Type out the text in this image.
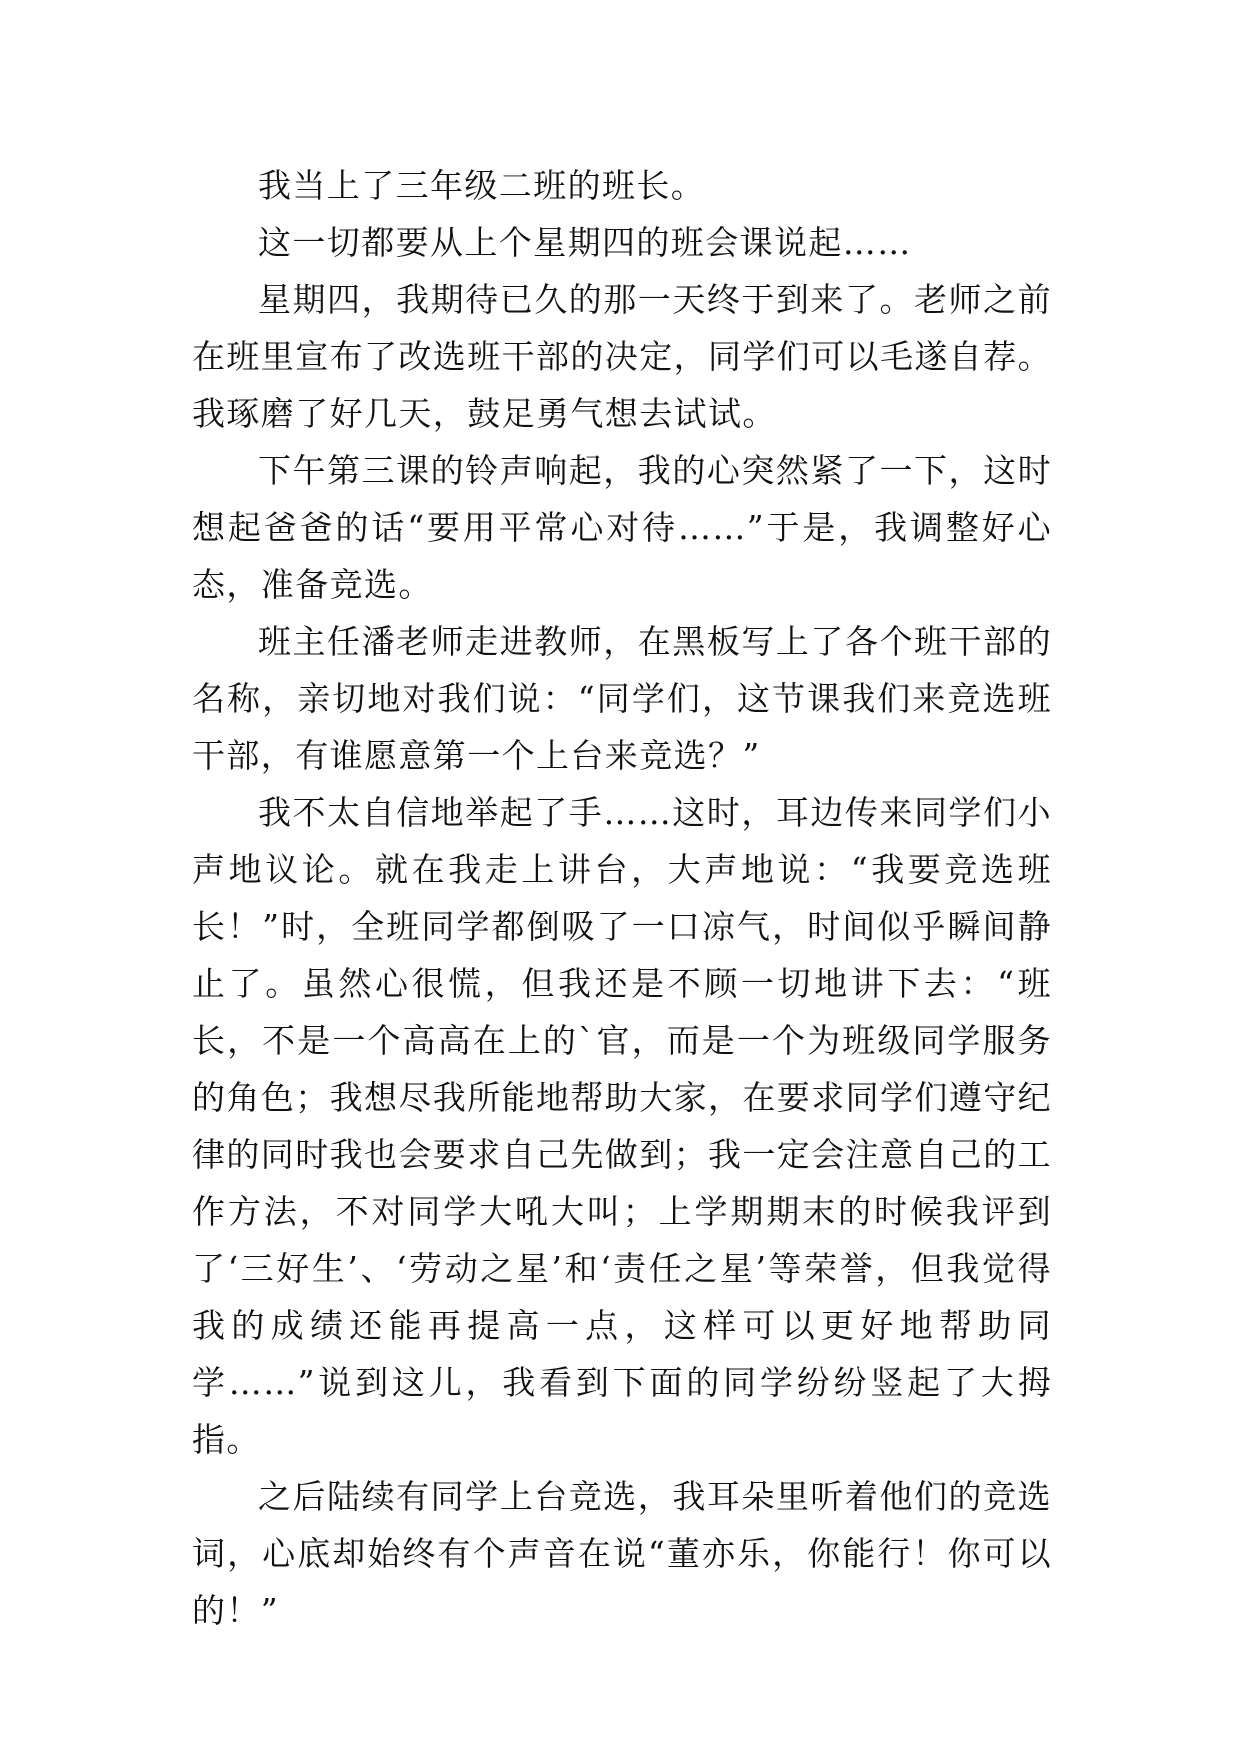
我当上了三年级二班的班长。

这一切都要从上个星期四的班会课说起……

星期四，我期待已久的那一天终于到来了。老师之前在班里宣布了改选班干部的决定，同学们可以毛遂自荐。我琢磨了好几天，鼓足勇气想去试试。

下午第三课的铃声响起，我的心突然紧了一下，这时想起爸爸的话“要用平常心对待……”于是，我调整好心态，准备竞选。

班主任潘老师走进教师，在黑板写上了各个班干部的名称，亲切地对我们说：“同学们，这节课我们来竞选班干部，有谁愿意第一个上台来竞选？”

我不太自信地举起了手……这时，耳边传来同学们小声地议论。就在我走上讲台，大声地说：“我要竞选班长！”时，全班同学都倒吸了一口凉气，时间似乎瞬间静止了。虽然心很慌，但我还是不顾一切地讲下去：“班长，不是一个高高在上的`官，而是一个为班级同学服务的角色；我想尽我所能地帮助大家，在要求同学们遵守纪律的同时我也会要求自己先做到；我一定会注意自己的工作方法，不对同学大吼大叫；上学期期末的时候我评到了‘三好生’、‘劳动之星’和‘责任之星’等荣誉，但我觉得我的成绩还能再提高一点，这样可以更好地帮助同学……”说到这儿，我看到下面的同学纷纷竖起了大拇指。

之后陆续有同学上台竞选，我耳朵里听着他们的竞选词，心底却始终有个声音在说“董亦乐，你能行！你可以的！”
